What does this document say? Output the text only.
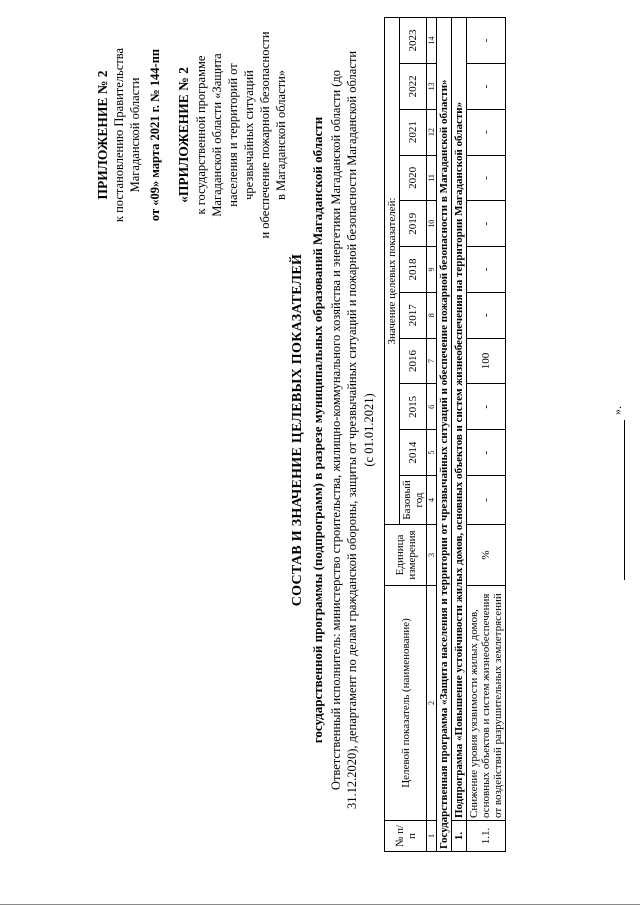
ПРИЛОЖЕНИЕ № 2 к постановлению Правительства Магаданской области от «09» марта 2021 г. № 144-пп «ПРИЛОЖЕНИЕ № 2 к государственной программе Магаданской области «Защита населения и территорий от чрезвычайных ситуаций и обеспечение пожарной безопасности в Магаданской области»
СОСТАВ И ЗНАЧЕНИЕ ЦЕЛЕВЫХ ПОКАЗАТЕЛЕЙ государственной программы (подпрограмм) в разрезе муниципальных образований Магаданской области Ответственный исполнитель: министерство строительства, жилищно-коммунального хозяйства и энергетики Магаданской области (до 31.12.2020), департамент по делам гражданской обороны, защиты от чрезвычайных ситуаций и пожарной безопасности Магаданской области (с 01.01.2021)
№ п/п	Целевой показатель (наименование)	Единица измерения	Значение целевых показателей:										
			Базовый год	2014	2015	2016	2017	2018	2019	2020	2021	2022	2023
1	2	3	4	5	6	7	8	9	10	11	12	13	14
Государственная программа «Защита населения и территории от чрезвычайных ситуаций и обеспечение пожарной безопасности в Магаданской области»													
1.	Подпрограмма «Повышение устойчивости жилых домов, основных объектов и систем жизнеобеспечения на территории Магаданской области»												
1.1.	Снижение уровня уязвимости жилых домов, основных объектов и систем жизнеобеспечения от воздействий разрушительных землетрясений	%	-	-	-	100	-	-	-	-	-	-	-
».
